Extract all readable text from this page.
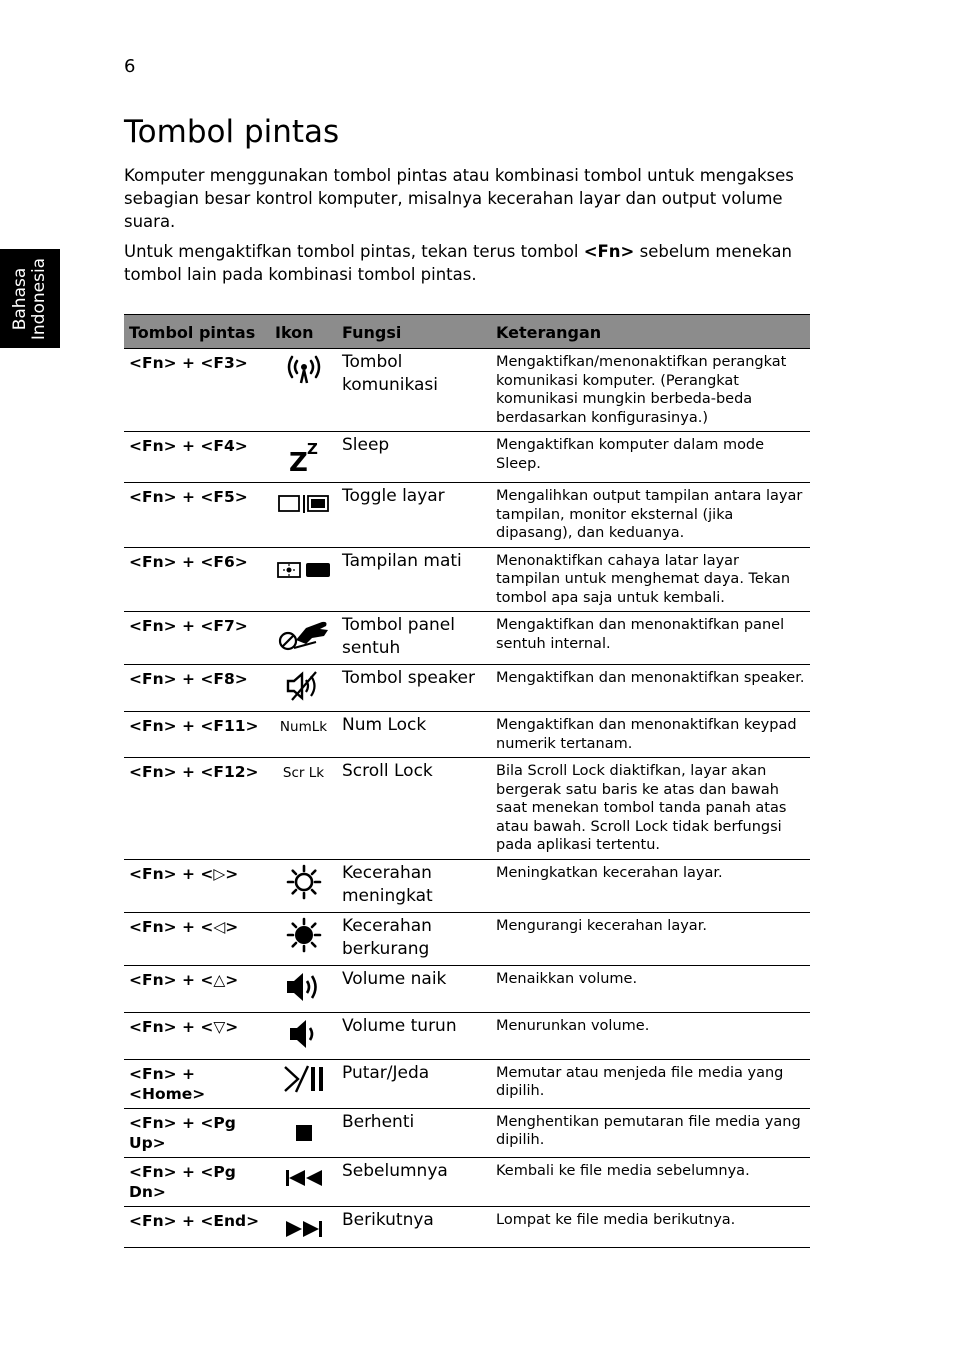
6
Bahasa
Indonesia
Tombol pintas

Komputer menggunakan tombol pintas atau kombinasi tombol untuk mengakses sebagian besar kontrol komputer, misalnya kecerahan layar dan output volume suara.

Untuk mengaktifkan tombol pintas, tekan terus tombol <Fn> sebelum menekan tombol lain pada kombinasi tombol pintas.

Tombol pintas	Ikon	Fungsi	Keterangan
<Fn> + <F3>		Tombol komunikasi	Mengaktifkan/menonaktifkan perangkat komunikasi komputer. (Perangkat komunikasi mungkin berbeda-beda berdasarkan konfigurasinya.)
<Fn> + <F4>	Z Z	Sleep	Mengaktifkan komputer dalam mode Sleep.
<Fn> + <F5>		Toggle layar	Mengalihkan output tampilan antara layar tampilan, monitor eksternal (jika dipasang), dan keduanya.
<Fn> + <F6>		Tampilan mati	Menonaktifkan cahaya latar layar tampilan untuk menghemat daya. Tekan tombol apa saja untuk kembali.
<Fn> + <F7>		Tombol panel sentuh	Mengaktifkan dan menonaktifkan panel sentuh internal.
<Fn> + <F8>		Tombol speaker	Mengaktifkan dan menonaktifkan speaker.
<Fn> + <F11>	NumLk	Num Lock	Mengaktifkan dan menonaktifkan keypad numerik tertanam.
<Fn> + <F12>	Scr Lk	Scroll Lock	Bila Scroll Lock diaktifkan, layar akan bergerak satu baris ke atas dan bawah saat menekan tombol tanda panah atas atau bawah. Scroll Lock tidak berfungsi pada aplikasi tertentu.
<Fn> + <▷>		Kecerahan meningkat	Meningkatkan kecerahan layar.
<Fn> + <◁>		Kecerahan berkurang	Mengurangi kecerahan layar.
<Fn> + <△>		Volume naik	Menaikkan volume.
<Fn> + <▽>		Volume turun	Menurunkan volume.
<Fn> + <Home>		Putar/Jeda	Memutar atau menjeda file media yang dipilih.
<Fn> + <Pg Up>		Berhenti	Menghentikan pemutaran file media yang dipilih.
<Fn> + <Pg Dn>		Sebelumnya	Kembali ke file media sebelumnya.
<Fn> + <End>		Berikutnya	Lompat ke file media berikutnya.
